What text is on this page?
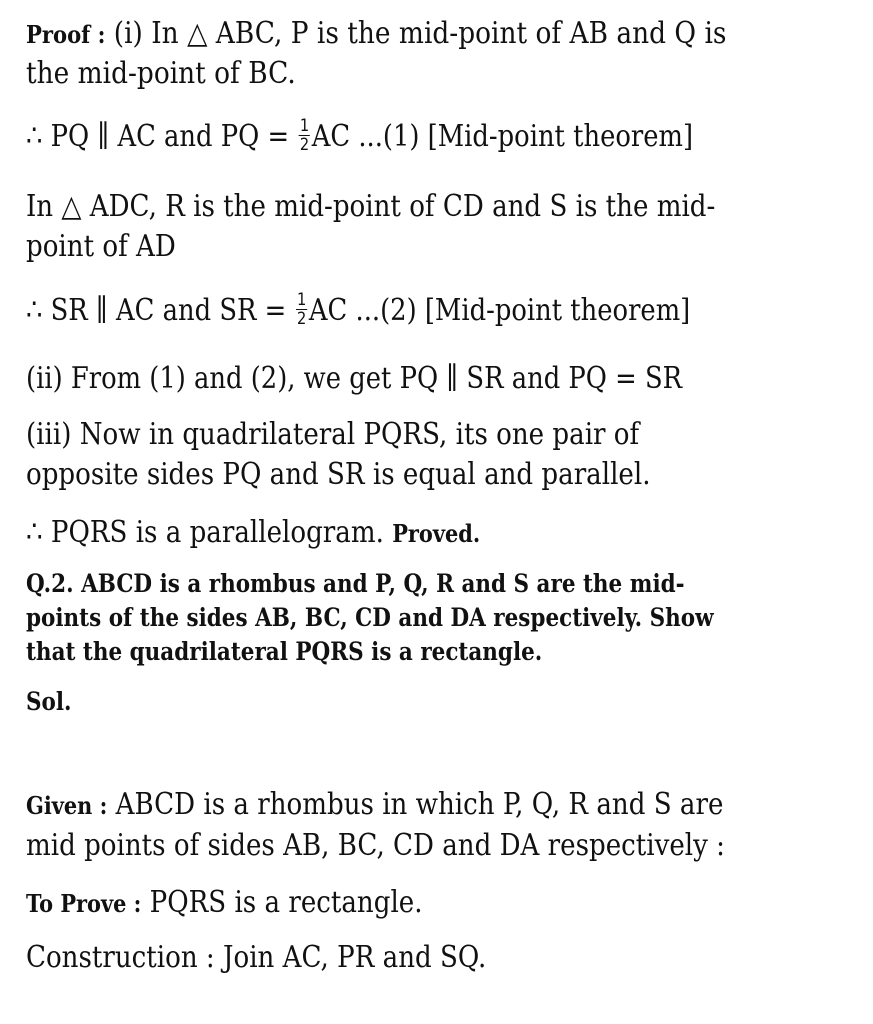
Proof : (i) In △ ABC, P is the mid-point of AB and Q is
the mid-point of BC.
∴ PQ ∥ AC and PQ = $\frac{1}{2}$ AC ...(1) [Mid-point theorem]
In △ ADC, R is the mid-point of CD and S is the mid-
point of AD
∴ SR ∥ AC and SR = $\frac{1}{2}$ AC ...(2) [Mid-point theorem]
(ii) From (1) and (2), we get PQ ∥ SR and PQ = SR
(iii) Now in quadrilateral PQRS, its one pair of
opposite sides PQ and SR is equal and parallel.
∴ PQRS is a parallelogram. Proved.
Q.2. ABCD is a rhombus and P, Q, R and S are the mid-
points of the sides AB, BC, CD and DA respectively. Show
that the quadrilateral PQRS is a rectangle.
Sol.
Given : ABCD is a rhombus in which P, Q, R and S are
mid points of sides AB, BC, CD and DA respectively :
To Prove : PQRS is a rectangle.
Construction : Join AC, PR and SQ.
